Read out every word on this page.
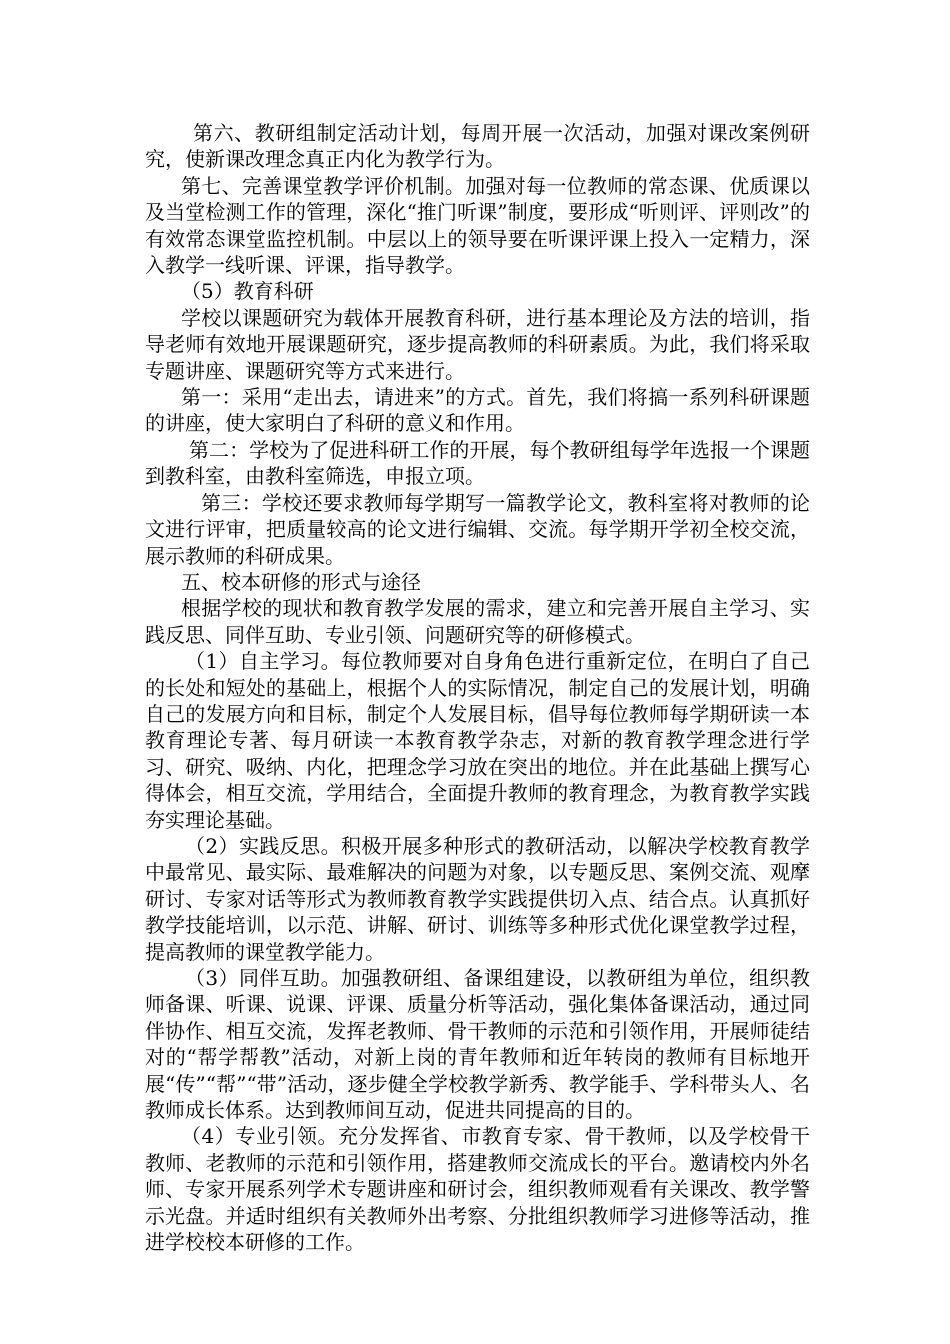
第六、教研组制定活动计划，每周开展一次活动，加强对课改案例研究，使新课改理念真正内化为教学行为。

第七、完善课堂教学评价机制。加强对每一位教师的常态课、优质课以及当堂检测工作的管理，深化“推门听课”制度，要形成“听则评、评则改”的有效常态课堂监控机制。中层以上的领导要在听课评课上投入一定精力，深入教学一线听课、评课，指导教学。

（5）教育科研

学校以课题研究为载体开展教育科研，进行基本理论及方法的培训，指导老师有效地开展课题研究，逐步提高教师的科研素质。为此，我们将采取专题讲座、课题研究等方式来进行。

第一：采用“走出去，请进来”的方式。首先，我们将搞一系列科研课题的讲座，使大家明白了科研的意义和作用。

第二：学校为了促进科研工作的开展，每个教研组每学年选报一个课题到教科室，由教科室筛选，申报立项。

第三：学校还要求教师每学期写一篇教学论文，教科室将对教师的论文进行评审，把质量较高的论文进行编辑、交流。每学期开学初全校交流，展示教师的科研成果。

五、校本研修的形式与途径

根据学校的现状和教育教学发展的需求，建立和完善开展自主学习、实践反思、同伴互助、专业引领、问题研究等的研修模式。

（1）自主学习。每位教师要对自身角色进行重新定位，在明白了自己的长处和短处的基础上，根据个人的实际情况，制定自己的发展计划，明确自己的发展方向和目标，制定个人发展目标，倡导每位教师每学期研读一本教育理论专著、每月研读一本教育教学杂志，对新的教育教学理念进行学习、研究、吸纳、内化，把理念学习放在突出的地位。并在此基础上撰写心得体会，相互交流，学用结合，全面提升教师的教育理念，为教育教学实践夯实理论基础。

（2）实践反思。积极开展多种形式的教研活动，以解决学校教育教学中最常见、最实际、最难解决的问题为对象，以专题反思、案例交流、观摩研讨、专家对话等形式为教师教育教学实践提供切入点、结合点。认真抓好教学技能培训，以示范、讲解、研讨、训练等多种形式优化课堂教学过程，提高教师的课堂教学能力。

（3）同伴互助。加强教研组、备课组建设，以教研组为单位，组织教师备课、听课、说课、评课、质量分析等活动，强化集体备课活动，通过同伴协作、相互交流，发挥老教师、骨干教师的示范和引领作用，开展师徒结对的“帮学帮教”活动，对新上岗的青年教师和近年转岗的教师有目标地开展“传”“帮”“带”活动，逐步健全学校教学新秀、教学能手、学科带头人、名教师成长体系。达到教师间互动，促进共同提高的目的。

（4）专业引领。充分发挥省、市教育专家、骨干教师，以及学校骨干教师、老教师的示范和引领作用，搭建教师交流成长的平台。邀请校内外名师、专家开展系列学术专题讲座和研讨会，组织教师观看有关课改、教学警示光盘。并适时组织有关教师外出考察、分批组织教师学习进修等活动，推进学校校本研修的工作。
